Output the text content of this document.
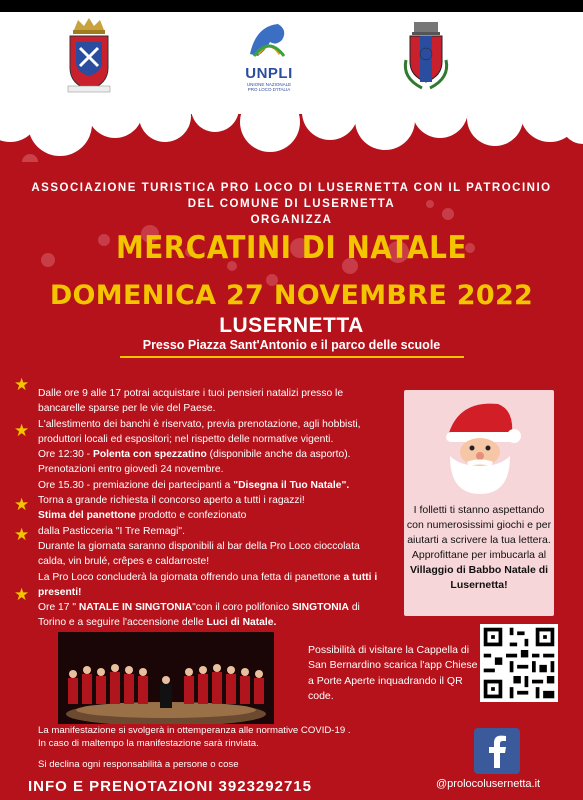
UNPLI
UNIONE NAZIONALE
PRO LOCO D'ITALIA
ASSOCIAZIONE TURISTICA PRO LOCO DI LUSERNETTA CON IL PATROCINIO
DEL COMUNE DI LUSERNETTA
ORGANIZZA
MERCATINI DI NATALE
DOMENICA 27 NOVEMBRE 2022
LUSERNETTA
Presso Piazza Sant'Antonio e il parco delle scuole
★
★
★
★
★

Dalle ore 9 alle 17 potrai acquistare i tuoi pensieri natalizi presso le bancarelle sparse per le vie del Paese.

L'allestimento dei banchi è riservato, previa prenotazione, agli hobbisti, produttori locali ed espositori; nel rispetto delle normative vigenti.

Ore 12:30 - Polenta con spezzatino (disponibile anche da asporto).

Prenotazioni entro giovedì 24 novembre.

Ore 15.30 - premiazione dei partecipanti a "Disegna il Tuo Natale".

Torna a grande richiesta il concorso aperto a tutti i ragazzi!

Stima del panettone prodotto e confezionato

dalla Pasticceria "I Tre Remagi".

Durante la giornata saranno disponibili al bar della Pro Loco cioccolata calda, vin brulé, crêpes e caldarroste!

La Pro Loco concluderà la giornata offrendo una fetta di panettone a tutti i presenti!

Ore 17 " NATALE IN SINGTONIA"con il coro polifonico SINGTONIA di Torino e a seguire l'accensione delle Luci di Natale.

I folletti ti stanno aspettando con numerosissimi giochi e per aiutarti a scrivere la tua lettera.
Approfittane per imbucarla al
Villaggio di Babbo Natale di Lusernetta!
Possibilità di visitare la Cappella di San Bernardino scarica l'app Chiese a Porte Aperte inquadrando il QR code.
La manifestazione si svolgerà in ottemperanza alle normative COVID-19 .
In caso di maltempo la manifestazione sarà rinviata.
Si declina ogni responsabilità a persone o cose
INFO E PRENOTAZIONI 3923292715	@prolocolusernetta.it
